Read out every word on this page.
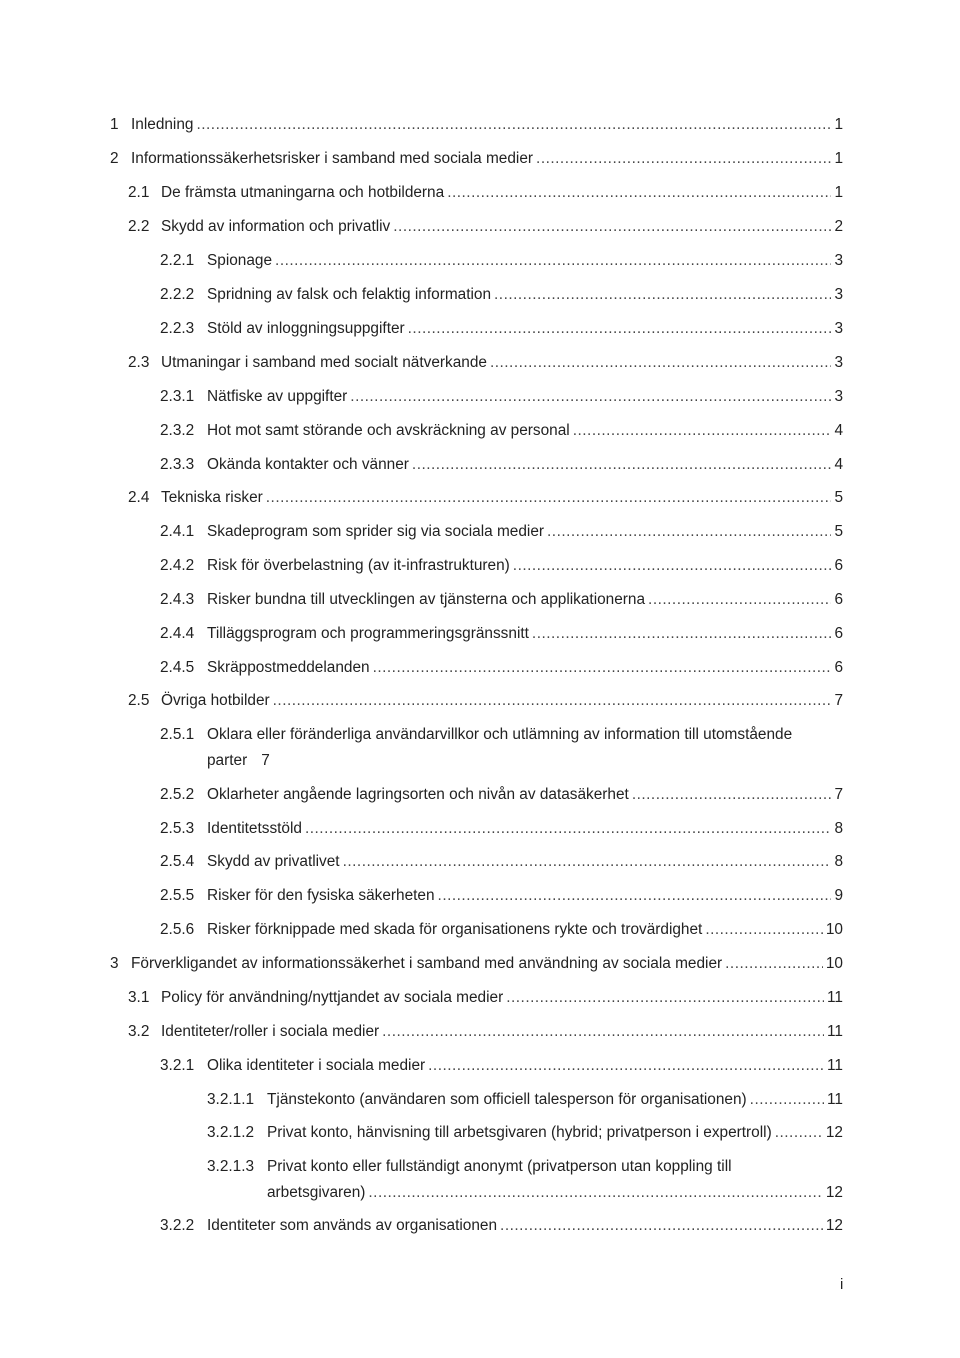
1 Inledning .....	1
2 Informationssäkerhetsrisker i samband med sociala medier .....	1
2.1 De främsta utmaningarna och hotbilderna .....	1
2.2 Skydd av information och privatliv .....	2
2.2.1 Spionage .....	3
2.2.2 Spridning av falsk och felaktig information .....	3
2.2.3 Stöld av inloggningsuppgifter .....	3
2.3 Utmaningar i samband med socialt nätverkande .....	3
2.3.1 Nätfiske av uppgifter .....	3
2.3.2 Hot mot samt störande och avskräckning av personal .....	4
2.3.3 Okända kontakter och vänner .....	4
2.4 Tekniska risker .....	5
2.4.1 Skadeprogram som sprider sig via sociala medier .....	5
2.4.2 Risk för överbelastning (av it-infrastrukturen) .....	6
2.4.3 Risker bundna till utvecklingen av tjänsterna och applikationerna .....	6
2.4.4 Tilläggsprogram och programmeringsgränssnitt .....	6
2.4.5 Skräppostmeddelanden .....	6
2.5 Övriga hotbilder .....	7
2.5.1 Oklara eller föränderliga användarvillkor och utlämning av information till utomstående
parter 7
2.5.2 Oklarheter angående lagringsorten och nivån av datasäkerhet .....	7
2.5.3 Identitetsstöld .....	8
2.5.4 Skydd av privatlivet .....	8
2.5.5 Risker för den fysiska säkerheten .....	9
2.5.6 Risker förknippade med skada för organisationens rykte och trovärdighet .....	10
3 Förverkligandet av informationssäkerhet i samband med användning av sociala medier .....	10
3.1 Policy för användning/nyttjandet av sociala medier .....	11
3.2 Identiteter/roller i sociala medier .....	11
3.2.1 Olika identiteter i sociala medier .....	11
3.2.1.1 Tjänstekonto (användaren som officiell talesperson för organisationen) .....	11
3.2.1.2 Privat konto, hänvisning till arbetsgivaren (hybrid; privatperson i expertroll) .....	12
3.2.1.3 Privat konto eller fullständigt anonymt (privatperson utan koppling till
arbetsgivaren) .....	12
3.2.2 Identiteter som används av organisationen .....	12
i
